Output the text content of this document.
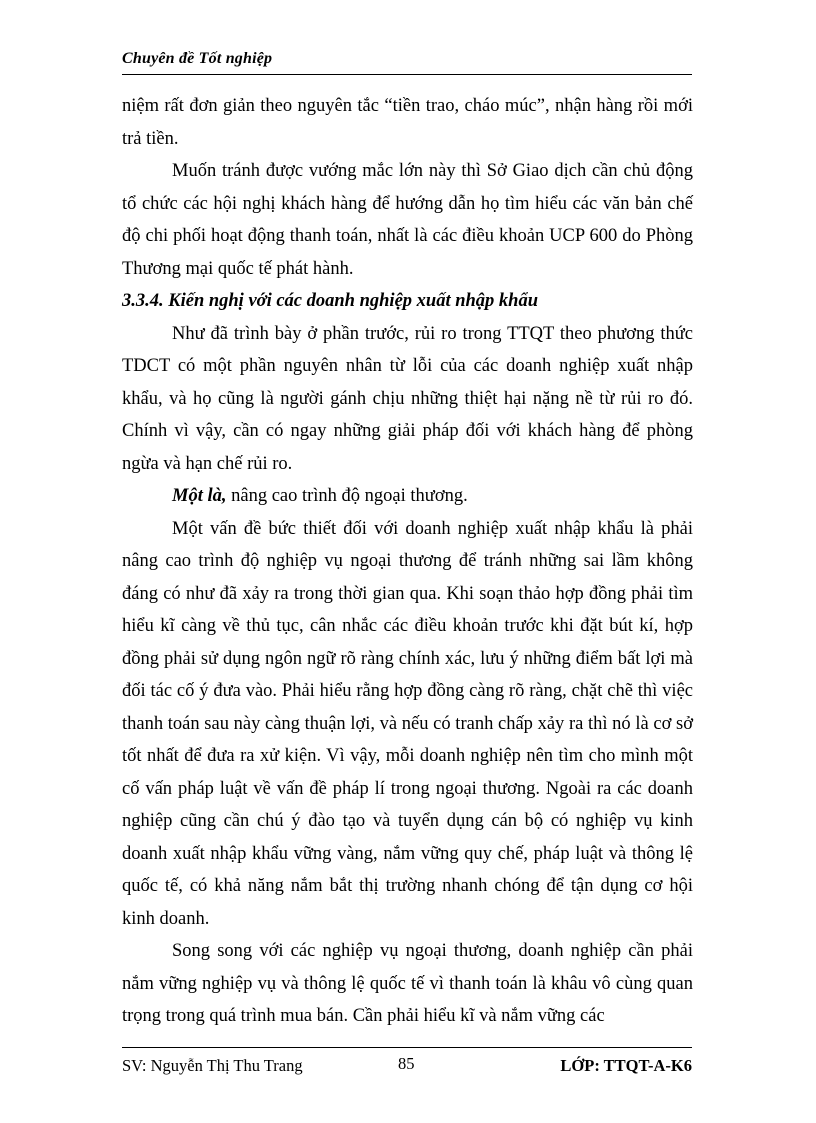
Chuyên đề Tốt nghiệp

niệm rất đơn giản theo nguyên tắc “tiền trao, cháo múc”, nhận hàng rồi mới trả tiền.

Muốn tránh được vướng mắc lớn này thì Sở Giao dịch cần chủ động tổ chức các hội nghị khách hàng để hướng dẫn họ tìm hiểu các văn bản chế độ chi phối hoạt động thanh toán, nhất là các điều khoản UCP 600 do Phòng Thương mại quốc tế phát hành.

3.3.4. Kiến nghị với các doanh nghiệp xuất nhập khẩu

Như đã trình bày ở phần trước, rủi ro trong TTQT theo phương thức TDCT có một phần nguyên nhân từ lỗi của các doanh nghiệp xuất nhập khẩu, và họ cũng là người gánh chịu những thiệt hại nặng nề từ rủi ro đó. Chính vì vậy, cần có ngay những giải pháp đối với khách hàng để phòng ngừa và hạn chế rủi ro.

Một là, nâng cao trình độ ngoại thương.

Một vấn đề bức thiết đối với doanh nghiệp xuất nhập khẩu là phải nâng cao trình độ nghiệp vụ ngoại thương để tránh những sai lầm không đáng có như đã xảy ra trong thời gian qua. Khi soạn thảo hợp đồng phải tìm hiểu kĩ càng về thủ tục, cân nhắc các điều khoản trước khi đặt bút kí, hợp đồng phải sử dụng ngôn ngữ rõ ràng chính xác, lưu ý những điểm bất lợi mà đối tác cố ý đưa vào. Phải hiểu rằng hợp đồng càng rõ ràng, chặt chẽ thì việc thanh toán sau này càng thuận lợi, và nếu có tranh chấp xảy ra thì nó là cơ sở tốt nhất để đưa ra xử kiện. Vì vậy, mỗi doanh nghiệp nên tìm cho mình một cố vấn pháp luật về vấn đề pháp lí trong ngoại thương. Ngoài ra các doanh nghiệp cũng cần chú ý đào tạo và tuyển dụng cán bộ có nghiệp vụ kinh doanh xuất nhập khẩu vững vàng, nắm vững quy chế, pháp luật và thông lệ quốc tế, có khả năng nắm bắt thị trường nhanh chóng để tận dụng cơ hội kinh doanh.

Song song với các nghiệp vụ ngoại thương, doanh nghiệp cần phải nắm vững nghiệp vụ và thông lệ quốc tế vì thanh toán là khâu vô cùng quan trọng trong quá trình mua bán. Cần phải hiểu kĩ và nắm vững các

SV: Nguyễn Thị Thu Trang	85	LỚP: TTQT-A-K6
